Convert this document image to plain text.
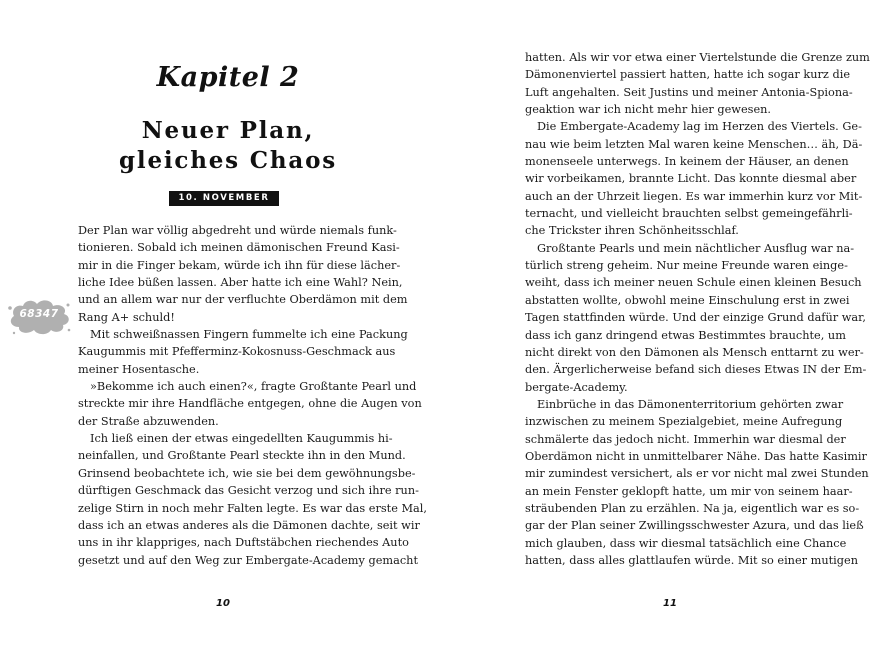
Kapitel 2
Neuer Plan,
gleiches Chaos
10. NOVEMBER
68347
Der Plan war völlig abgedreht und würde niemals funk-
tionieren. Sobald ich meinen dämonischen Freund Kasi-
mir in die Finger bekam, würde ich ihn für diese lächer-
liche Idee büßen lassen. Aber hatte ich eine Wahl? Nein,
und an allem war nur der verfluchte Oberdämon mit dem
Rang A+ schuld!
Mit schweißnassen Fingern fummelte ich eine Packung
Kaugummis mit Pfefferminz-Kokosnuss-Geschmack aus
meiner Hosentasche.
»Bekomme ich auch einen?«, fragte Großtante Pearl und
streckte mir ihre Handfläche entgegen, ohne die Augen von
der Straße abzuwenden.
Ich ließ einen der etwas eingedellten Kaugummis hi-
neinfallen, und Großtante Pearl steckte ihn in den Mund.
Grinsend beobachtete ich, wie sie bei dem gewöhnungsbe-
dürftigen Geschmack das Gesicht verzog und sich ihre run-
zelige Stirn in noch mehr Falten legte. Es war das erste Mal,
dass ich an etwas anderes als die Dämonen dachte, seit wir
uns in ihr klappriges, nach Duftstäbchen riechendes Auto
gesetzt und auf den Weg zur Embergate-Academy gemacht
10
hatten. Als wir vor etwa einer Viertelstunde die Grenze zum
Dämonenviertel passiert hatten, hatte ich sogar kurz die
Luft angehalten. Seit Justins und meiner Antonia-Spiona-
geaktion war ich nicht mehr hier gewesen.
Die Embergate-Academy lag im Herzen des Viertels. Ge-
nau wie beim letzten Mal waren keine Menschen… äh, Dä-
monenseele unterwegs. In keinem der Häuser, an denen
wir vorbeikamen, brannte Licht. Das konnte diesmal aber
auch an der Uhrzeit liegen. Es war immerhin kurz vor Mit-
ternacht, und vielleicht brauchten selbst gemeingefährli-
che Trickster ihren Schönheitsschlaf.
Großtante Pearls und mein nächtlicher Ausflug war na-
türlich streng geheim. Nur meine Freunde waren einge-
weiht, dass ich meiner neuen Schule einen kleinen Besuch
abstatten wollte, obwohl meine Einschulung erst in zwei
Tagen stattfinden würde. Und der einzige Grund dafür war,
dass ich ganz dringend etwas Bestimmtes brauchte, um
nicht direkt von den Dämonen als Mensch enttarnt zu wer-
den. Ärgerlicherweise befand sich dieses Etwas IN der Em-
bergate-Academy.
Einbrüche in das Dämonenterritorium gehörten zwar
inzwischen zu meinem Spezialgebiet, meine Aufregung
schmälerte das jedoch nicht. Immerhin war diesmal der
Oberdämon nicht in unmittelbarer Nähe. Das hatte Kasimir
mir zumindest versichert, als er vor nicht mal zwei Stunden
an mein Fenster geklopft hatte, um mir von seinem haar-
sträubenden Plan zu erzählen. Na ja, eigentlich war es so-
gar der Plan seiner Zwillingsschwester Azura, und das ließ
mich glauben, dass wir diesmal tatsächlich eine Chance
hatten, dass alles glattlaufen würde. Mit so einer mutigen
11
